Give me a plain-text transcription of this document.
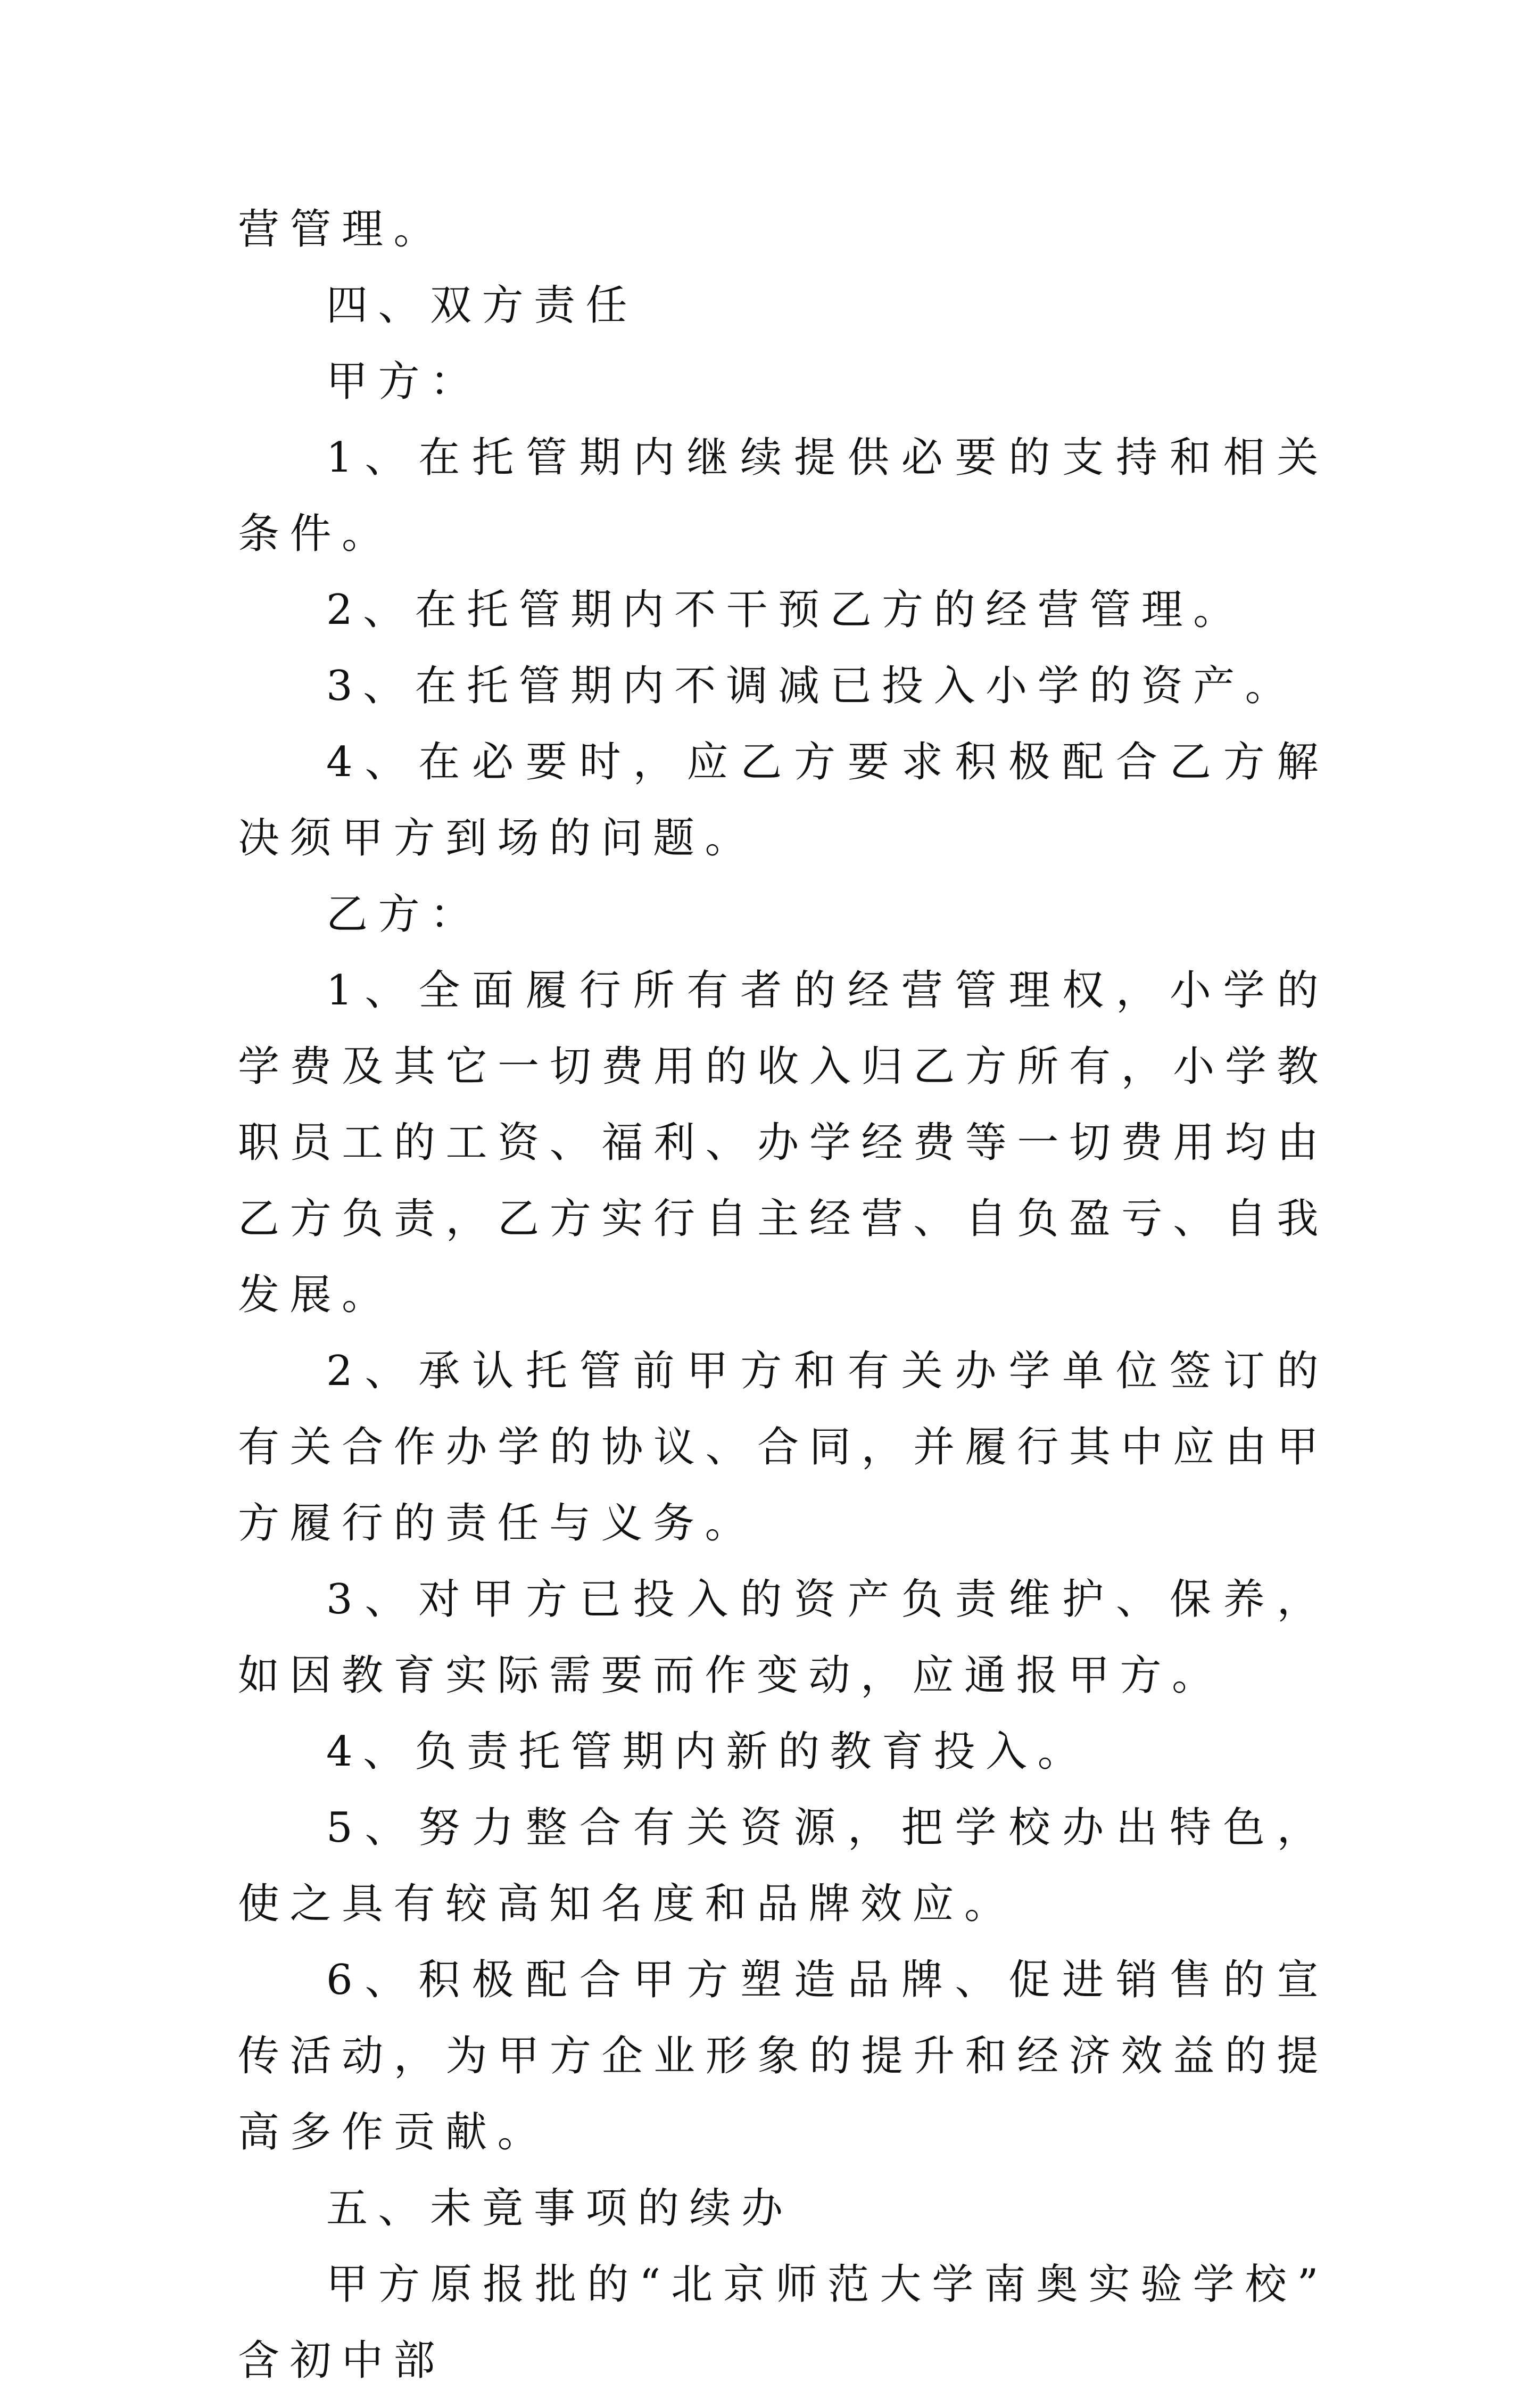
营管理。

四、双方责任

甲方：

1、在托管期内继续提供必要的支持和相关条件。

2、在托管期内不干预乙方的经营管理。

3、在托管期内不调减已投入小学的资产。

4、在必要时，应乙方要求积极配合乙方解决须甲方到场的问题。

乙方：

1、全面履行所有者的经营管理权，小学的学费及其它一切费用的收入归乙方所有，小学教职员工的工资、福利、办学经费等一切费用均由乙方负责，乙方实行自主经营、自负盈亏、自我发展。

2、承认托管前甲方和有关办学单位签订的有关合作办学的协议、合同，并履行其中应由甲方履行的责任与义务。

3、对甲方已投入的资产负责维护、保养，如因教育实际需要而作变动，应通报甲方。

4、负责托管期内新的教育投入。

5、努力整合有关资源，把学校办出特色，使之具有较高知名度和品牌效应。

6、积极配合甲方塑造品牌、促进销售的宣传活动，为甲方企业形象的提升和经济效益的提高多作贡献。

五、未竟事项的续办

甲方原报批的“北京师范大学南奥实验学校”含初中部
